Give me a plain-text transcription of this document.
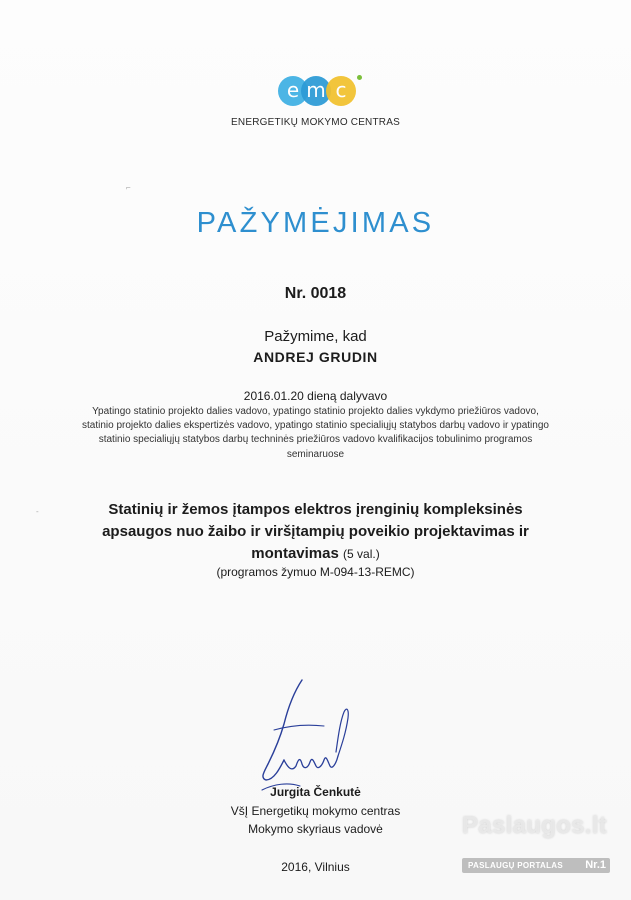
e m c
ENERGETIKŲ MOKYMO CENTRAS
⌐
PAŽYMĖJIMAS
Nr. 0018
Pažymime, kad
ANDREJ GRUDIN
2016.01.20 dieną dalyvavo
Ypatingo statinio projekto dalies vadovo, ypatingo statinio projekto dalies vykdymo priežiūros vadovo,
statinio projekto dalies ekspertizės vadovo, ypatingo statinio specialiųjų statybos darbų vadovo ir ypatingo
statinio specialiųjų statybos darbų techninės priežiūros vadovo kvalifikacijos tobulinimo programos
seminaruose
-	Statinių ir žemos įtampos elektros įrenginių kompleksinės
apsaugos nuo žaibo ir viršįtampių poveikio projektavimas ir
montavimas (5 val.)
(programos žymuo M-094-13-REMC)
Jurgita Čenkutė
VšĮ Energetikų mokymo centras
Mokymo skyriaus vadovė
2016, Vilnius
Paslaugos.lt
PASLAUGŲ PORTALAS Nr.1
